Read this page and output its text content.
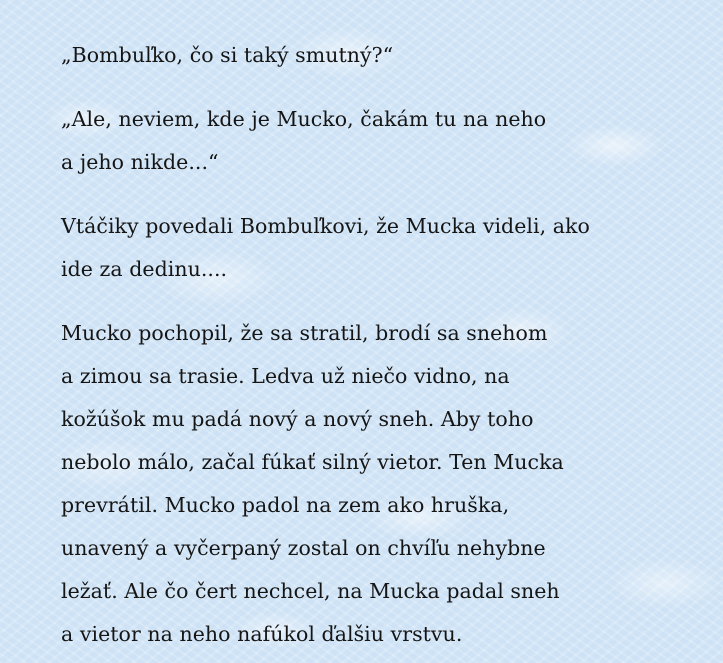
„Bombuľko, čo si taký smutný?“

„Ale, neviem, kde je Mucko, čakám tu na neho
a jeho nikde...“

Vtáčiky povedali Bombuľkovi, že Mucka videli, ako
ide za dedinu....

Mucko pochopil, že sa stratil, brodí sa snehom
a zimou sa trasie. Ledva už niečo vidno, na
kožúšok mu padá nový a nový sneh. Aby toho
nebolo málo, začal fúkať silný vietor. Ten Mucka
prevrátil. Mucko padol na zem ako hruška,
unavený a vyčerpaný zostal on chvíľu nehybne
ležať. Ale čo čert nechcel, na Mucka padal sneh
a vietor na neho nafúkol ďalšiu vrstvu.
